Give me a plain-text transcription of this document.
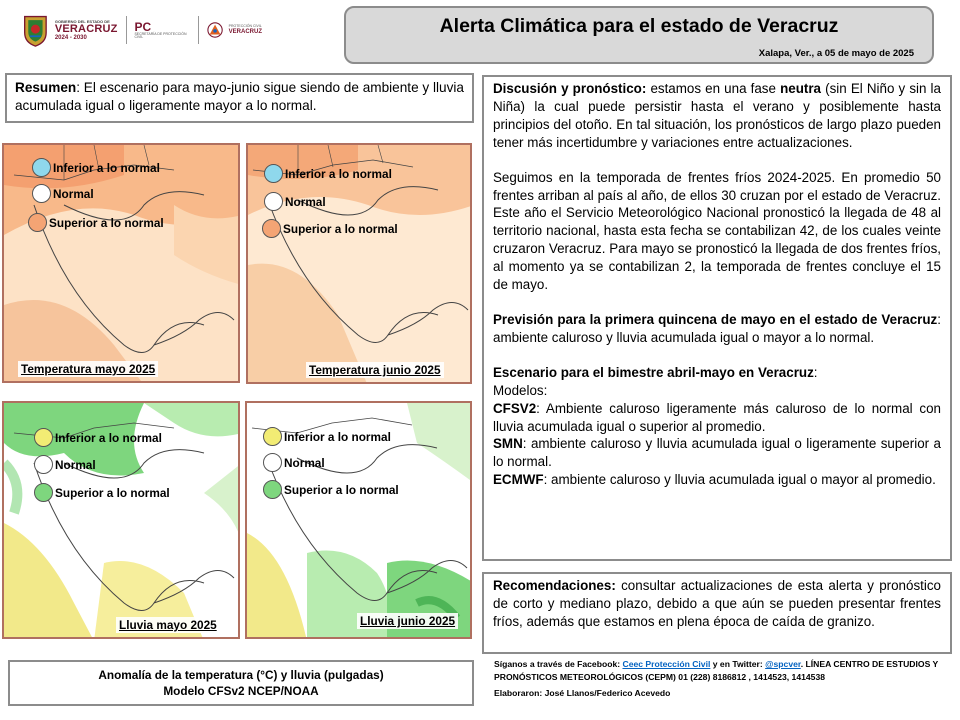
GOBIERNO DEL ESTADO DE
VERACRUZ
2024 - 2030
PC
SECRETARÍA DE PROTECCIÓN CIVIL
PROTECCIÓN CIVIL
VERACRUZ	Alerta Climática para el estado de Veracruz
Xalapa, Ver., a 05 de mayo de 2025
Resumen: El escenario para mayo-junio sigue siendo de ambiente y lluvia acumulada igual o ligeramente mayor a lo normal.
Inferior a lo normal
Normal
Superior a lo normal
Temperatura mayo 2025
Inferior a lo normal
Normal
Superior a lo normal
Temperatura junio 2025
Inferior a lo normal
Normal
Superior a lo normal
Lluvia mayo 2025
Inferior a lo normal
Normal
Superior a lo normal
Lluvia junio 2025
Anomalía de la temperatura (°C) y lluvia (pulgadas)
Modelo CFSv2 NCEP/NOAA

Discusión y pronóstico: estamos en una fase neutra (sin El Niño y sin la Niña) la cual puede persistir hasta el verano y posiblemente hasta principios del otoño. En tal situación, los pronósticos de largo plazo pueden tener más incertidumbre y variaciones entre actualizaciones.

Seguimos en la temporada de frentes fríos 2024-2025. En promedio 50 frentes arriban al país al año, de ellos 30 cruzan por el estado de Veracruz. Este año el Servicio Meteorológico Nacional pronosticó la llegada de 48 al territorio nacional, hasta esta fecha se contabilizan 42, de los cuales veinte cruzaron Veracruz. Para mayo se pronosticó la llegada de dos frentes fríos, al momento ya se contabilizan 2, la temporada de frentes concluye el 15 de mayo.

Previsión para la primera quincena de mayo en el estado de Veracruz: ambiente caluroso y lluvia acumulada igual o mayor a lo normal.

Escenario para el bimestre abril-mayo en Veracruz:

Modelos:

CFSV2: Ambiente caluroso ligeramente más caluroso de lo normal con lluvia acumulada igual o superior al promedio.

SMN: ambiente caluroso y lluvia acumulada igual o ligeramente superior a lo normal.

ECMWF: ambiente caluroso y lluvia acumulada igual o mayor al promedio.

Recomendaciones: consultar actualizaciones de esta alerta y pronóstico de corto y mediano plazo, debido a que aún se pueden presentar frentes fríos, además que estamos en plena época de caída de granizo.
Síganos a través de Facebook: Ceec Protección Civil y en Twitter: @spcver. LÍNEA CENTRO DE ESTUDIOS Y PRONÓSTICOS METEOROLÓGICOS (CEPM) 01 (228) 8186812 , 1414523, 1414538
Elaboraron: José Llanos/Federico Acevedo
